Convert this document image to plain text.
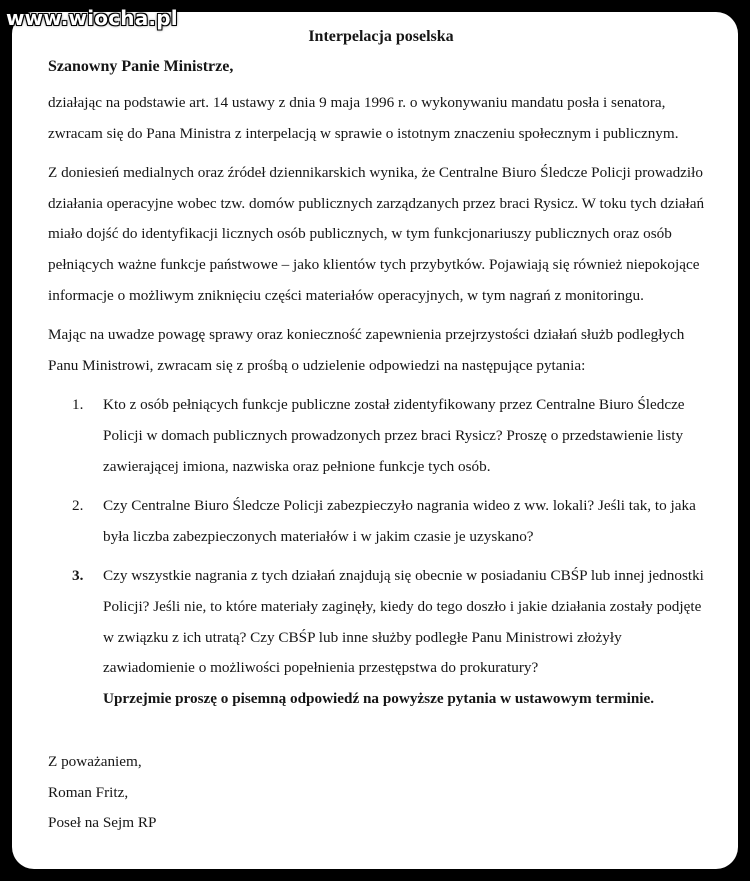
www.wiocha.pl
Interpelacja poselska
Szanowny Panie Ministrze,

działając na podstawie art. 14 ustawy z dnia 9 maja 1996 r. o wykonywaniu mandatu posła i senatora, zwracam się do Pana Ministra z interpelacją w sprawie o istotnym znaczeniu społecznym i publicznym.

Z doniesień medialnych oraz źródeł dziennikarskich wynika, że Centralne Biuro Śledcze Policji prowadziło działania operacyjne wobec tzw. domów publicznych zarządzanych przez braci Rysicz. W toku tych działań miało dojść do identyfikacji licznych osób publicznych, w tym funkcjonariuszy publicznych oraz osób pełniących ważne funkcje państwowe – jako klientów tych przybytków. Pojawiają się również niepokojące informacje o możliwym zniknięciu części materiałów operacyjnych, w tym nagrań z monitoringu.

Mając na uwadze powagę sprawy oraz konieczność zapewnienia przejrzystości działań służb podległych Panu Ministrowi, zwracam się z prośbą o udzielenie odpowiedzi na następujące pytania:

1. Kto z osób pełniących funkcje publiczne został zidentyfikowany przez Centralne Biuro Śledcze Policji w domach publicznych prowadzonych przez braci Rysicz? Proszę o przedstawienie listy zawierającej imiona, nazwiska oraz pełnione funkcje tych osób.
2. Czy Centralne Biuro Śledcze Policji zabezpieczyło nagrania wideo z ww. lokali? Jeśli tak, to jaka była liczba zabezpieczonych materiałów i w jakim czasie je uzyskano?
3. Czy wszystkie nagrania z tych działań znajdują się obecnie w posiadaniu CBŚP lub innej jednostki Policji? Jeśli nie, to które materiały zaginęły, kiedy do tego doszło i jakie działania zostały podjęte w związku z ich utratą? Czy CBŚP lub inne służby podległe Panu Ministrowi złożyły zawiadomienie o możliwości popełnienia przestępstwa do prokuratury?
Uprzejmie proszę o pisemną odpowiedź na powyższe pytania w ustawowym terminie.
Z poważaniem,
Roman Fritz,
Poseł na Sejm RP
